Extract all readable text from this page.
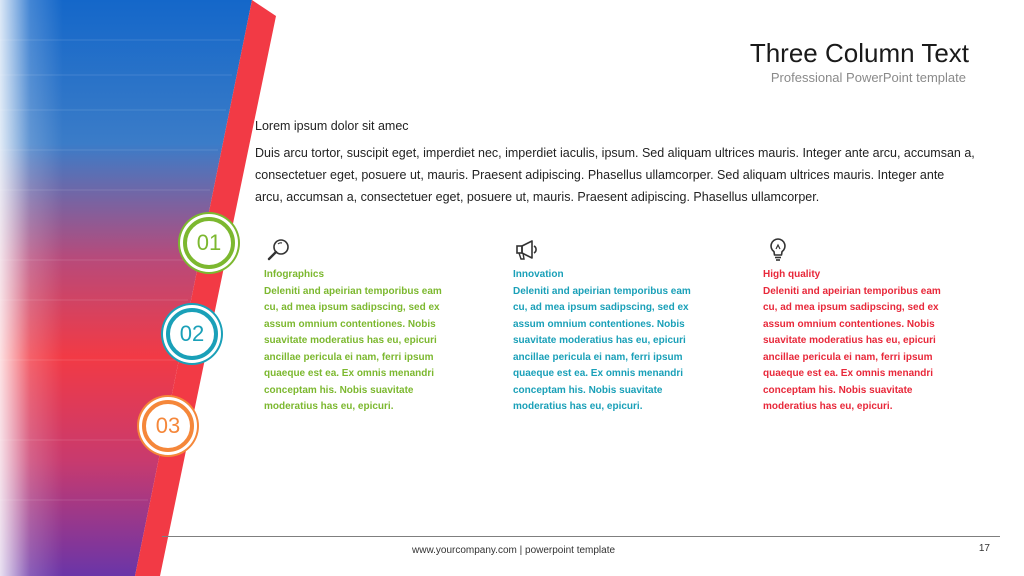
Three Column Text
Professional PowerPoint template
Lorem ipsum dolor sit amec
Duis arcu tortor, suscipit eget, imperdiet nec, imperdiet iaculis, ipsum. Sed aliquam ultrices mauris. Integer ante arcu, accumsan a, consectetuer eget, posuere ut, mauris. Praesent adipiscing. Phasellus ullamcorper. Sed aliquam ultrices mauris. Integer ante arcu, accumsan a, consectetuer eget, posuere ut, mauris. Praesent adipiscing. Phasellus ullamcorper.
01
02
03
Infographics
Deleniti and apeirian temporibus eam cu, ad mea ipsum sadipscing, sed ex assum omnium contentiones. Nobis suavitate moderatius has eu, epicuri ancillae pericula ei nam, ferri ipsum quaeque est ea. Ex omnis menandri conceptam his. Nobis suavitate moderatius has eu, epicuri.
Innovation
Deleniti and apeirian temporibus eam cu, ad mea ipsum sadipscing, sed ex assum omnium contentiones. Nobis suavitate moderatius has eu, epicuri ancillae pericula ei nam, ferri ipsum quaeque est ea. Ex omnis menandri conceptam his. Nobis suavitate moderatius has eu, epicuri.
High quality
Deleniti and apeirian temporibus eam cu, ad mea ipsum sadipscing, sed ex assum omnium contentiones. Nobis suavitate moderatius has eu, epicuri ancillae pericula ei nam, ferri ipsum quaeque est ea. Ex omnis menandri conceptam his. Nobis suavitate moderatius has eu, epicuri.
www.yourcompany.com | powerpoint template	17
